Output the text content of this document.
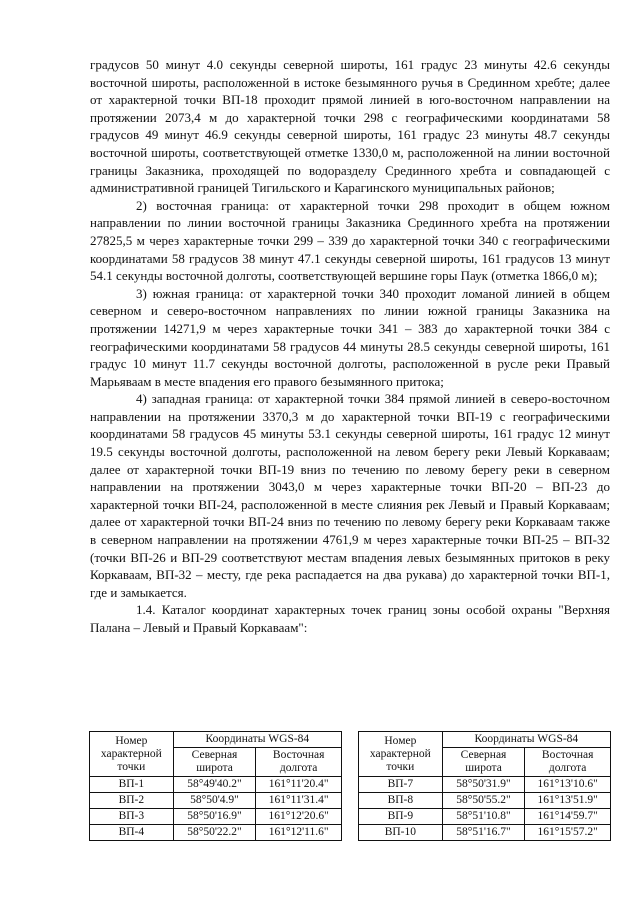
градусов 50 минут 4.0 секунды северной широты, 161 градус 23 минуты 42.6 секунды восточной широты, расположенной в истоке безымянного ручья в Срединном хребте; далее от характерной точки ВП-18 проходит прямой линией в юго-восточном направлении на протяжении 2073,4 м до характерной точки 298 с географическими координатами 58 градусов 49 минут 46.9 секунды северной широты, 161 градус 23 минуты 48.7 секунды восточной широты, соответствующей отметке 1330,0 м, расположенной на линии восточной границы Заказника, проходящей по водоразделу Срединного хребта и совпадающей с административной границей Тигильского и Карагинского муниципальных районов;

2) восточная граница: от характерной точки 298 проходит в общем южном направлении по линии восточной границы Заказника Срединного хребта на протяжении 27825,5 м через характерные точки 299 – 339 до характерной точки 340 с географическими координатами 58 градусов 38 минут 47.1 секунды северной широты, 161 градусов 13 минут 54.1 секунды восточной долготы, соответствующей вершине горы Паук (отметка 1866,0 м);

3) южная граница: от характерной точки 340 проходит ломаной линией в общем северном и северо-восточном направлениях по линии южной границы Заказника на протяжении 14271,9 м через характерные точки 341 – 383 до характерной точки 384 с географическими координатами 58 градусов 44 минуты 28.5 секунды северной широты, 161 градус 10 минут 11.7 секунды восточной долготы, расположенной в русле реки Правый Марьяваам в месте впадения его правого безымянного притока;

4) западная граница: от характерной точки 384 прямой линией в северо-восточном направлении на протяжении 3370,3 м до характерной точки ВП-19 с географическими координатами 58 градусов 45 минуты 53.1 секунды северной широты, 161 градус 12 минут 19.5 секунды восточной долготы, расположенной на левом берегу реки Левый Коркаваам; далее от характерной точки ВП-19 вниз по течению по левому берегу реки в северном направлении на протяжении 3043,0 м через характерные точки ВП-20 – ВП-23 до характерной точки ВП-24, расположенной в месте слияния рек Левый и Правый Коркаваам; далее от характерной точки ВП-24 вниз по течению по левому берегу реки Коркаваам также в северном направлении на протяжении 4761,9 м через характерные точки ВП-25 – ВП-32 (точки ВП-26 и ВП-29 соответствуют местам впадения левых безымянных притоков в реку Коркаваам, ВП-32 – месту, где река распадается на два рукава) до характерной точки ВП-1, где и замыкается.

1.4. Каталог координат характерных точек границ зоны особой охраны "Верхняя Палана – Левый и Правый Коркаваам":

Номер характерной точки	Координаты WGS-84	
	Северная широта	Восточная долгота
ВП-1	58°49'40.2"	161°11'20.4"
ВП-2	58°50'4.9"	161°11'31.4"
ВП-3	58°50'16.9"	161°12'20.6"
ВП-4	58°50'22.2"	161°12'11.6"
Номер характерной точки	Координаты WGS-84	
	Северная широта	Восточная долгота
ВП-7	58°50'31.9"	161°13'10.6"
ВП-8	58°50'55.2"	161°13'51.9"
ВП-9	58°51'10.8"	161°14'59.7"
ВП-10	58°51'16.7"	161°15'57.2"
